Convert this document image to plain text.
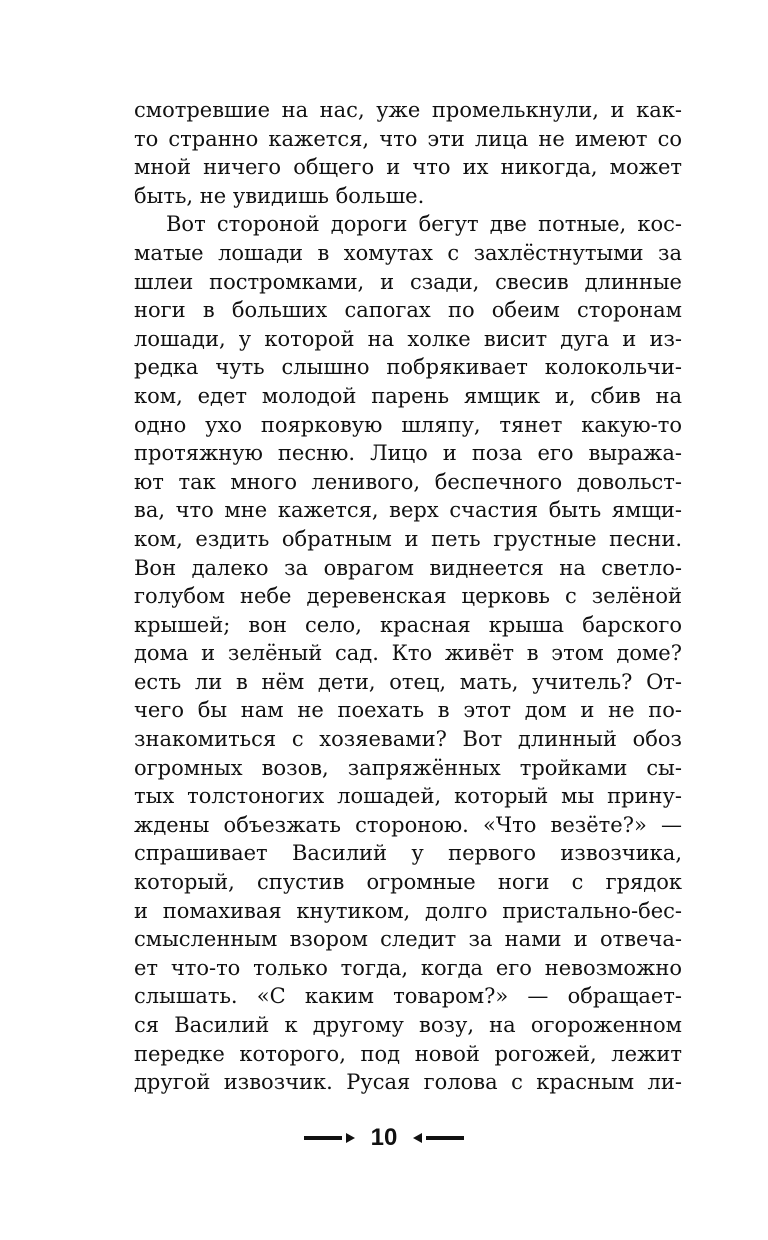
смотревшие на нас, уже промелькнули, и как-
то странно кажется, что эти лица не имеют со
мной ничего общего и что их никогда, может
быть, не увидишь больше.
Вот стороной дороги бегут две потные, кос-
матые лошади в хомутах с захлёстнутыми за
шлеи постромками, и сзади, свесив длинные
ноги в больших сапогах по обеим сторонам
лошади, у которой на холке висит дуга и из-
редка чуть слышно побрякивает колокольчи-
ком, едет молодой парень ямщик и, сбив на
одно ухо поярковую шляпу, тянет какую-то
протяжную песню. Лицо и поза его выража-
ют так много ленивого, беспечного довольст-
ва, что мне кажется, верх счастия быть ямщи-
ком, ездить обратным и петь грустные песни.
Вон далеко за оврагом виднеется на светло-
голубом небе деревенская церковь с зелёной
крышей; вон село, красная крыша барского
дома и зелёный сад. Кто живёт в этом доме?
есть ли в нём дети, отец, мать, учитель? От-
чего бы нам не поехать в этот дом и не по-
знакомиться с хозяевами? Вот длинный обоз
огромных возов, запряжённых тройками сы-
тых толстоногих лошадей, который мы прину-
ждены объезжать стороною. «Что везёте?» —
спрашивает Василий у первого извозчика,
который, спустив огромные ноги с грядок
и помахивая кнутиком, долго пристально-бес-
смысленным взором следит за нами и отвеча-
ет что-то только тогда, когда его невозможно
слышать. «С каким товаром?» — обращает-
ся Василий к другому возу, на огороженном
передке которого, под новой рогожей, лежит
другой извозчик. Русая голова с красным ли-
10
